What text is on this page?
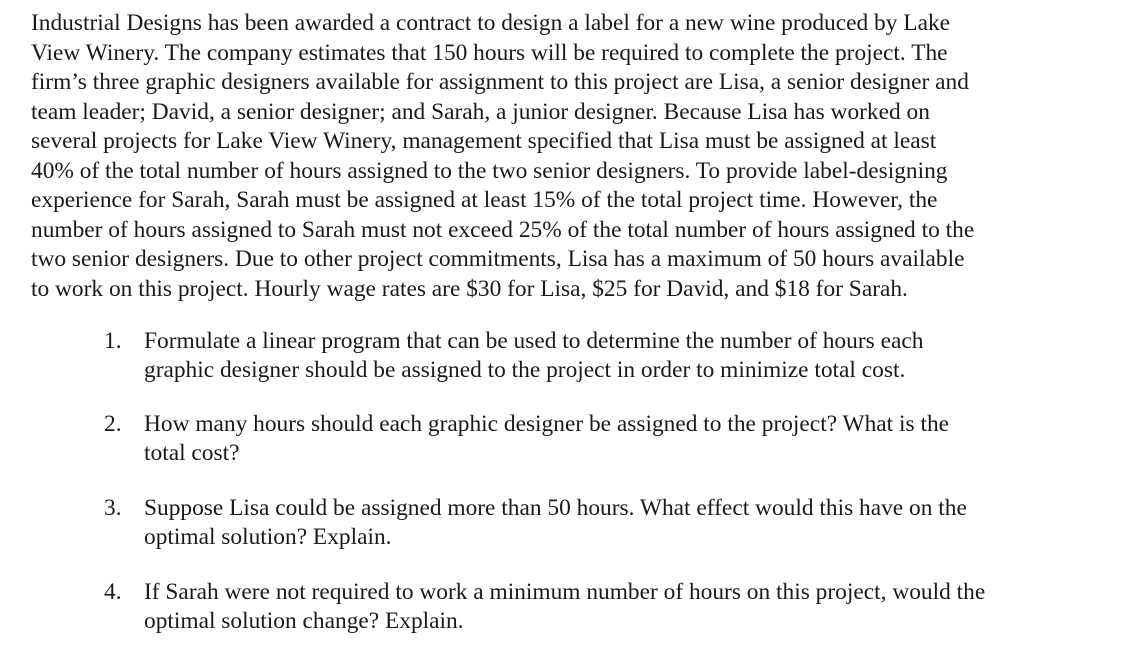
Industrial Designs has been awarded a contract to design a label for a new wine produced by Lake
View Winery. The company estimates that 150 hours will be required to complete the project. The
firm’s three graphic designers available for assignment to this project are Lisa, a senior designer and
team leader; David, a senior designer; and Sarah, a junior designer. Because Lisa has worked on
several projects for Lake View Winery, management specified that Lisa must be assigned at least
40% of the total number of hours assigned to the two senior designers. To provide label-designing
experience for Sarah, Sarah must be assigned at least 15% of the total project time. However, the
number of hours assigned to Sarah must not exceed 25% of the total number of hours assigned to the
two senior designers. Due to other project commitments, Lisa has a maximum of 50 hours available
to work on this project. Hourly wage rates are $30 for Lisa, $25 for David, and $18 for Sarah.

1. Formulate a linear program that can be used to determine the number of hours each
graphic designer should be assigned to the project in order to minimize total cost.
2. How many hours should each graphic designer be assigned to the project? What is the
total cost?
3. Suppose Lisa could be assigned more than 50 hours. What effect would this have on the
optimal solution? Explain.
4. If Sarah were not required to work a minimum number of hours on this project, would the
optimal solution change? Explain.
